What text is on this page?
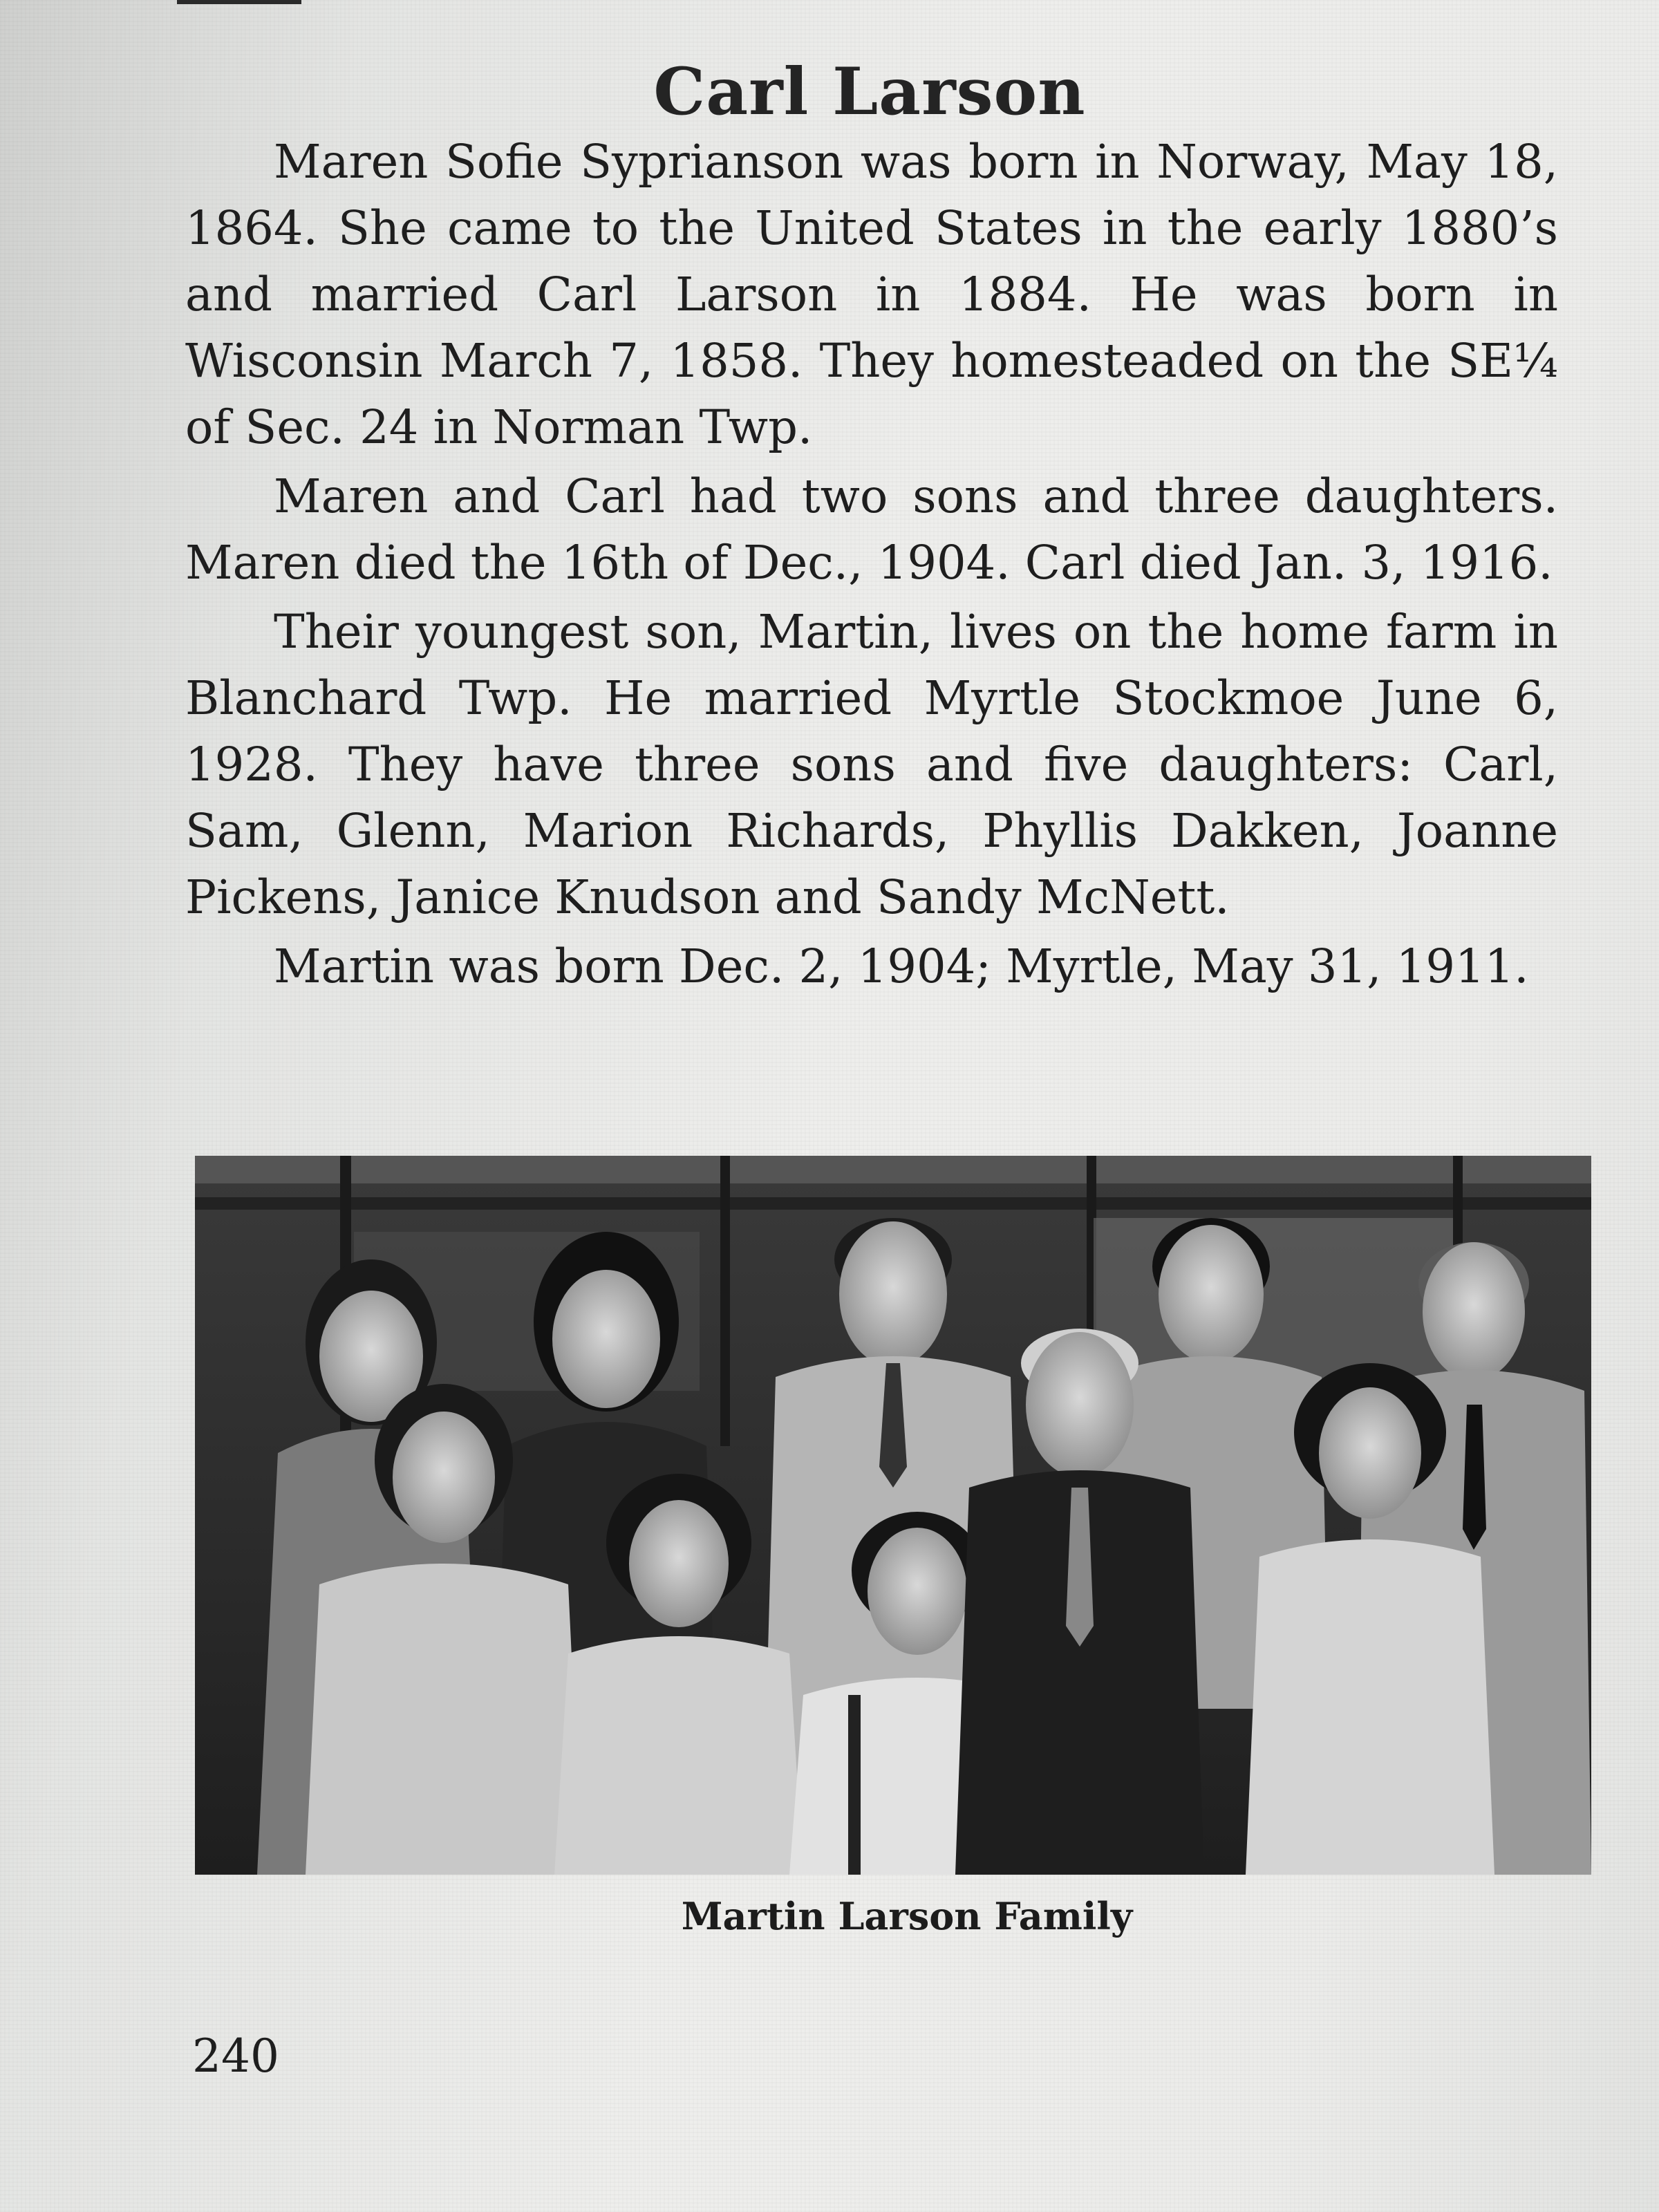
Carl Larson

Maren Sofie Syprianson was born in Norway, May 18, 1864. She came to the United States in the early 1880’s and married Carl Larson in 1884. He was born in Wisconsin March 7, 1858. They homesteaded on the SE¼ of Sec. 24 in Norman Twp.

Maren and Carl had two sons and three daughters. Maren died the 16th of Dec., 1904. Carl died Jan. 3, 1916.

Their youngest son, Martin, lives on the home farm in Blanchard Twp. He married Myrtle Stockmoe June 6, 1928. They have three sons and five daughters: Carl, Sam, Glenn, Marion Richards, Phyllis Dakken, Joanne Pickens, Janice Knudson and Sandy McNett.

Martin was born Dec. 2, 1904; Myrtle, May 31, 1911.

Martin Larson Family
240
